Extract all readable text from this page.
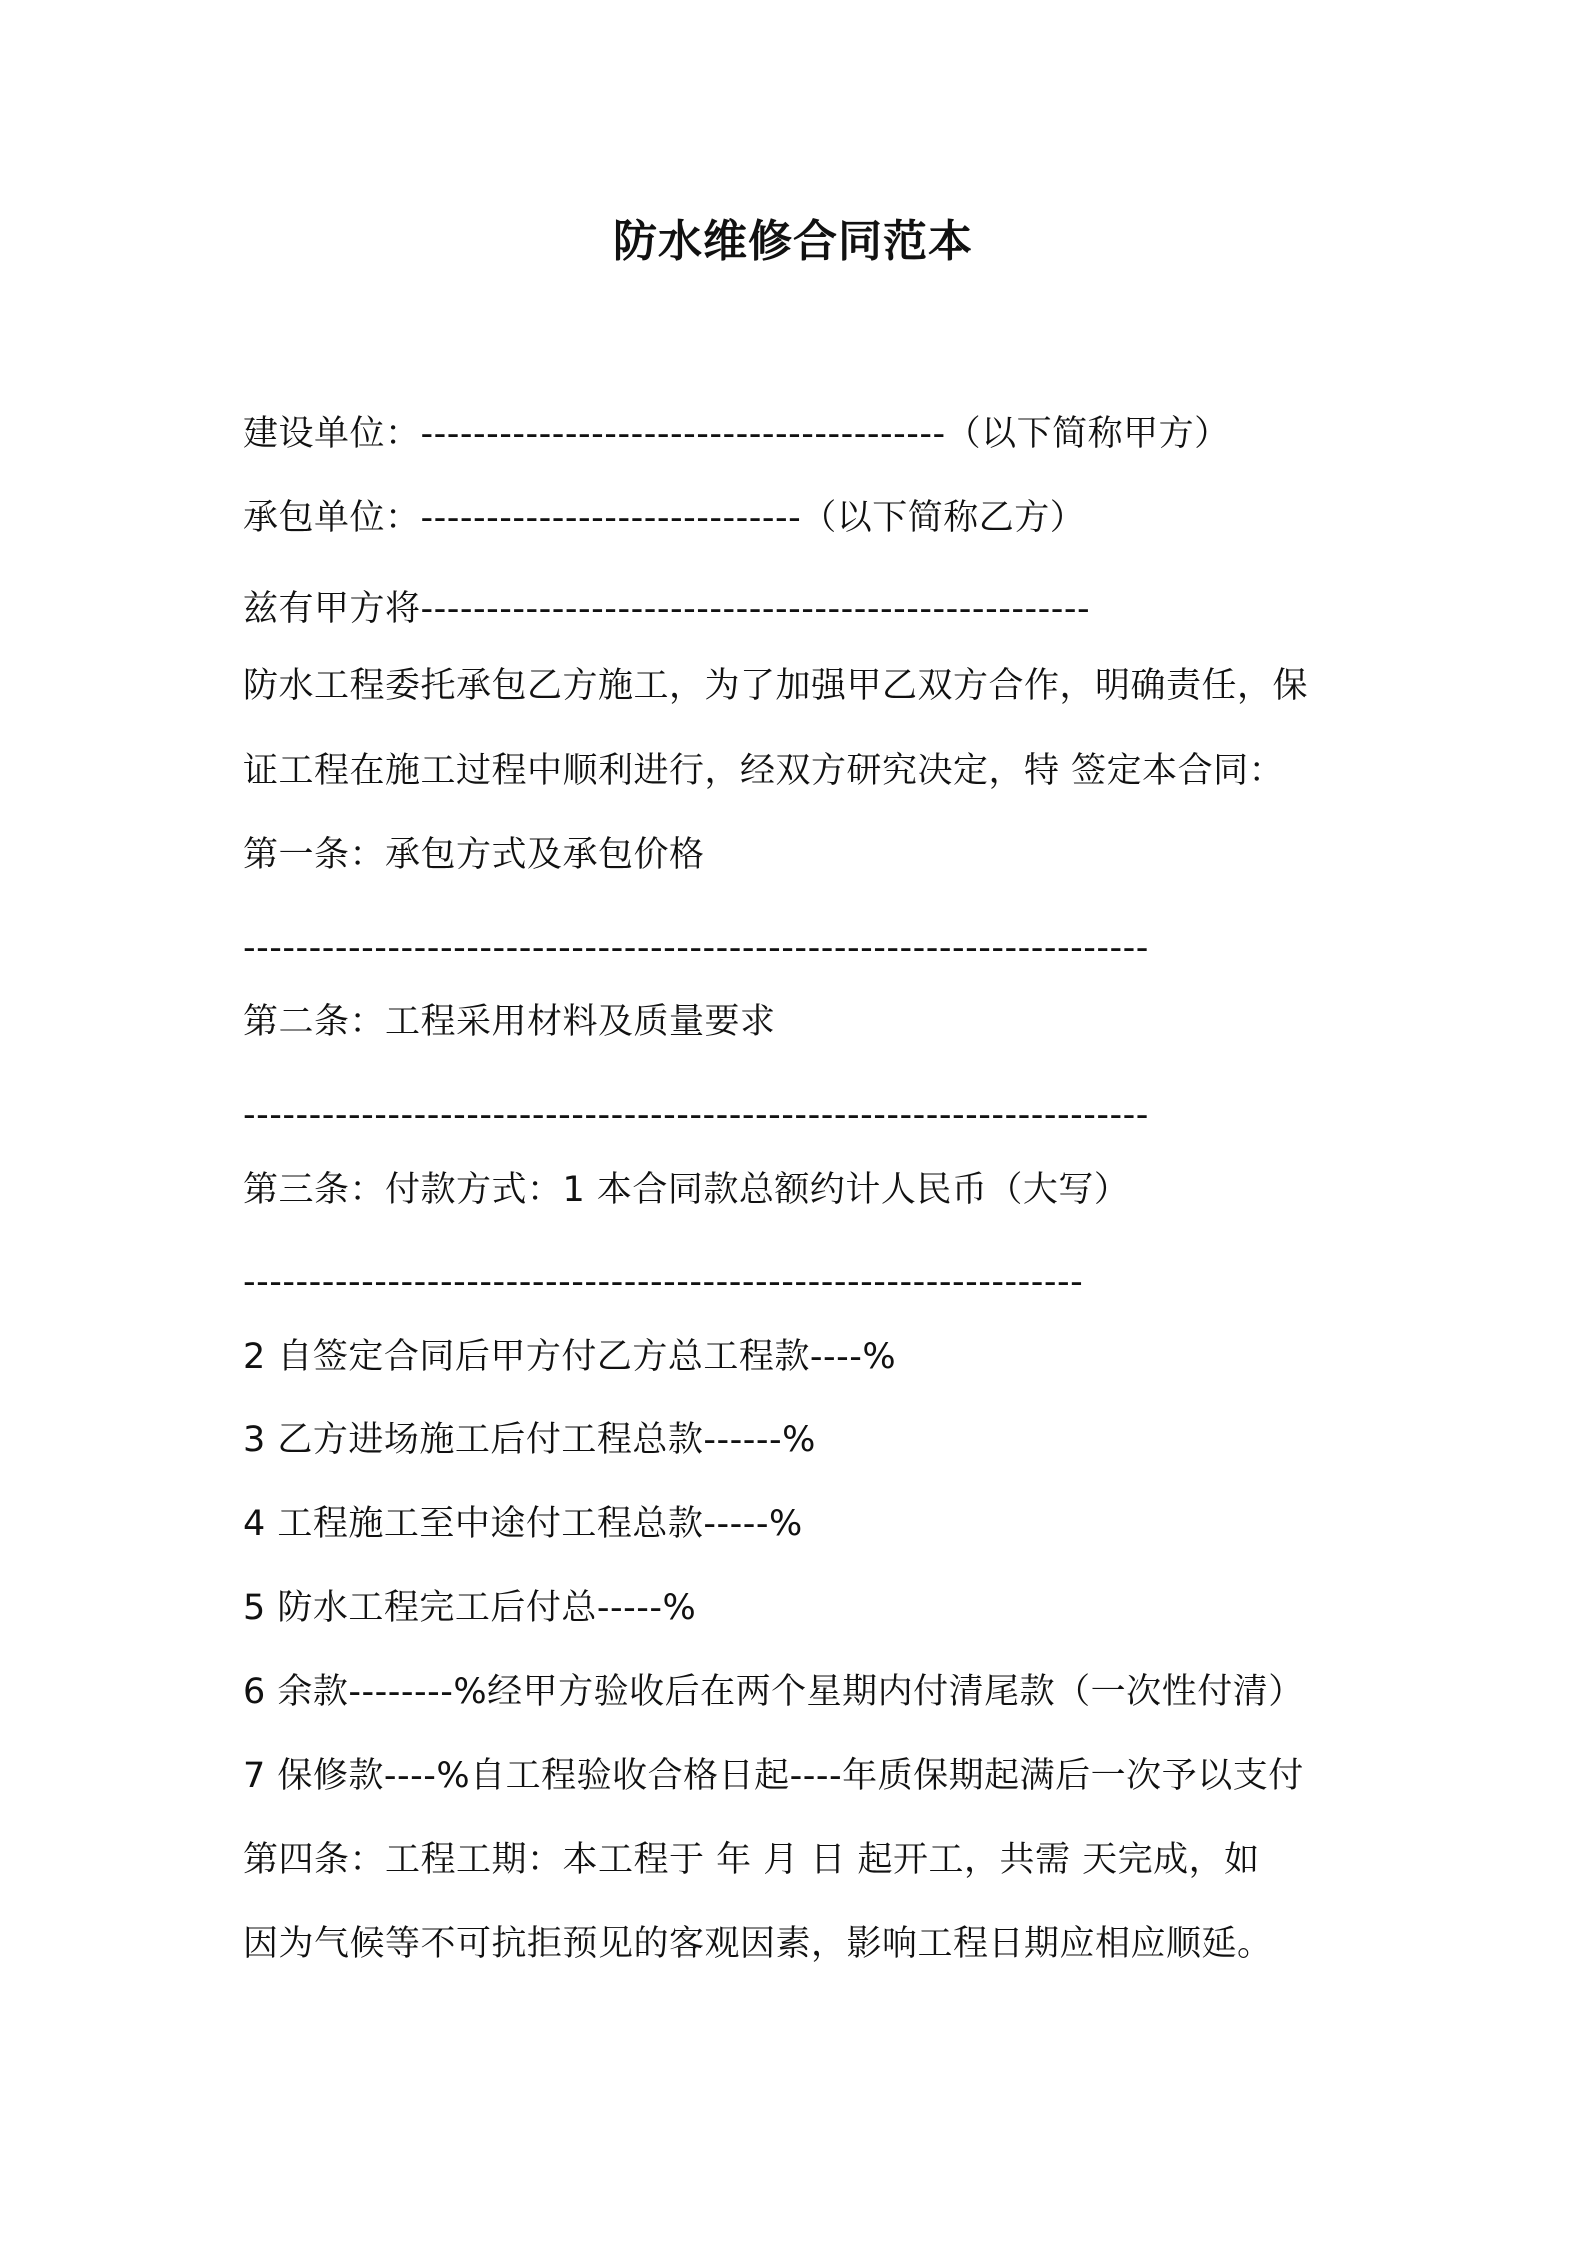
防水维修合同范本
建设单位：----------------------------------------（以下简称甲方）
承包单位：-----------------------------（以下简称乙方）
兹有甲方将---------------------------------------------------
防水工程委托承包乙方施工，为了加强甲乙双方合作，明确责任，保
证工程在施工过程中顺利进行，经双方研究决定，特 签定本合同：
第一条：承包方式及承包价格
---------------------------------------------------------------------
第二条：工程采用材料及质量要求
---------------------------------------------------------------------
第三条：付款方式：1 本合同款总额约计人民币（大写）
----------------------------------------------------------------
2 自签定合同后甲方付乙方总工程款----%
3 乙方进场施工后付工程总款------%
4 工程施工至中途付工程总款-----%
5 防水工程完工后付总-----%
6 余款--------%经甲方验收后在两个星期内付清尾款（一次性付清）
7 保修款----%自工程验收合格日起----年质保期起满后一次予以支付
第四条：工程工期：本工程于 年 月 日 起开工，共需 天完成，如
因为气候等不可抗拒预见的客观因素，影响工程日期应相应顺延。
